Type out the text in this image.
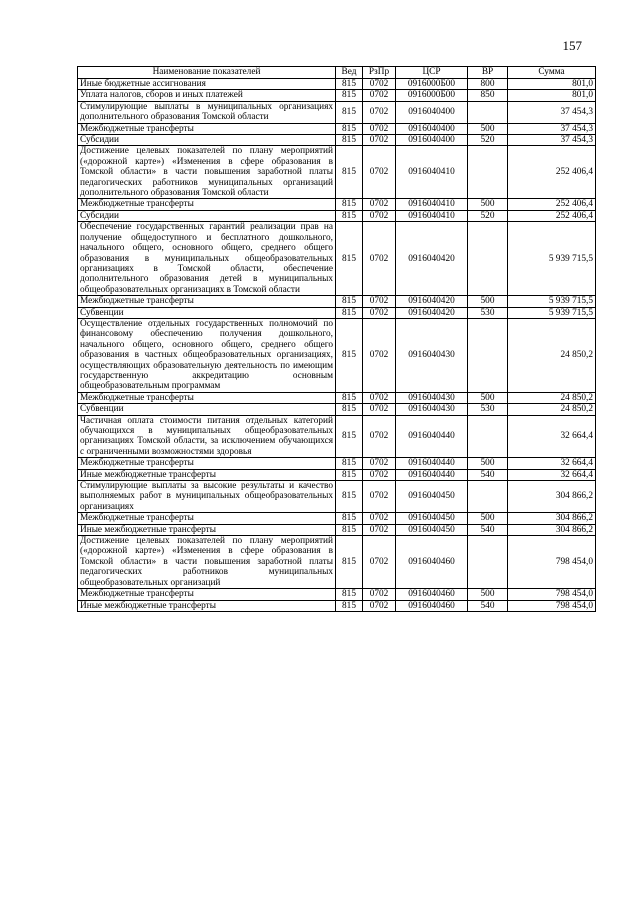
157
Наименование показателей	Вед	РзПр	ЦСР	ВР	Сумма
Иные бюджетные ассигнования	815	0702	0916000Б00	800	801,0
Уплата налогов, сборов и иных платежей	815	0702	0916000Б00	850	801,0
Стимулирующие выплаты в муниципальных организациях дополнительного образования Томской области	815	0702	0916040400		37 454,3
Межбюджетные трансферты	815	0702	0916040400	500	37 454,3
Субсидии	815	0702	0916040400	520	37 454,3
Достижение целевых показателей по плану мероприятий («дорожной карте») «Изменения в сфере образования в Томской области» в части повышения заработной платы педагогических работников муниципальных организаций дополнительного образования Томской области	815	0702	0916040410		252 406,4
Межбюджетные трансферты	815	0702	0916040410	500	252 406,4
Субсидии	815	0702	0916040410	520	252 406,4
Обеспечение государственных гарантий реализации прав на получение общедоступного и бесплатного дошкольного, начального общего, основного общего, среднего общего образования в муниципальных общеобразовательных организациях в Томской области, обеспечение дополнительного образования детей в муниципальных общеобразовательных организациях в Томской области	815	0702	0916040420		5 939 715,5
Межбюджетные трансферты	815	0702	0916040420	500	5 939 715,5
Субвенции	815	0702	0916040420	530	5 939 715,5
Осуществление отдельных государственных полномочий по финансовому обеспечению получения дошкольного, начального общего, основного общего, среднего общего образования в частных общеобразовательных организациях, осуществляющих образовательную деятельность по имеющим государственную аккредитацию основным общеобразовательным программам	815	0702	0916040430		24 850,2
Межбюджетные трансферты	815	0702	0916040430	500	24 850,2
Субвенции	815	0702	0916040430	530	24 850,2
Частичная оплата стоимости питания отдельных категорий обучающихся в муниципальных общеобразовательных организациях Томской области, за исключением обучающихся с ограниченными возможностями здоровья	815	0702	0916040440		32 664,4
Межбюджетные трансферты	815	0702	0916040440	500	32 664,4
Иные межбюджетные трансферты	815	0702	0916040440	540	32 664,4
Стимулирующие выплаты за высокие результаты и качество выполняемых работ в муниципальных общеобразовательных организациях	815	0702	0916040450		304 866,2
Межбюджетные трансферты	815	0702	0916040450	500	304 866,2
Иные межбюджетные трансферты	815	0702	0916040450	540	304 866,2
Достижение целевых показателей по плану мероприятий («дорожной карте») «Изменения в сфере образования в Томской области» в части повышения заработной платы педагогических работников муниципальных общеобразовательных организаций	815	0702	0916040460		798 454,0
Межбюджетные трансферты	815	0702	0916040460	500	798 454,0
Иные межбюджетные трансферты	815	0702	0916040460	540	798 454,0
